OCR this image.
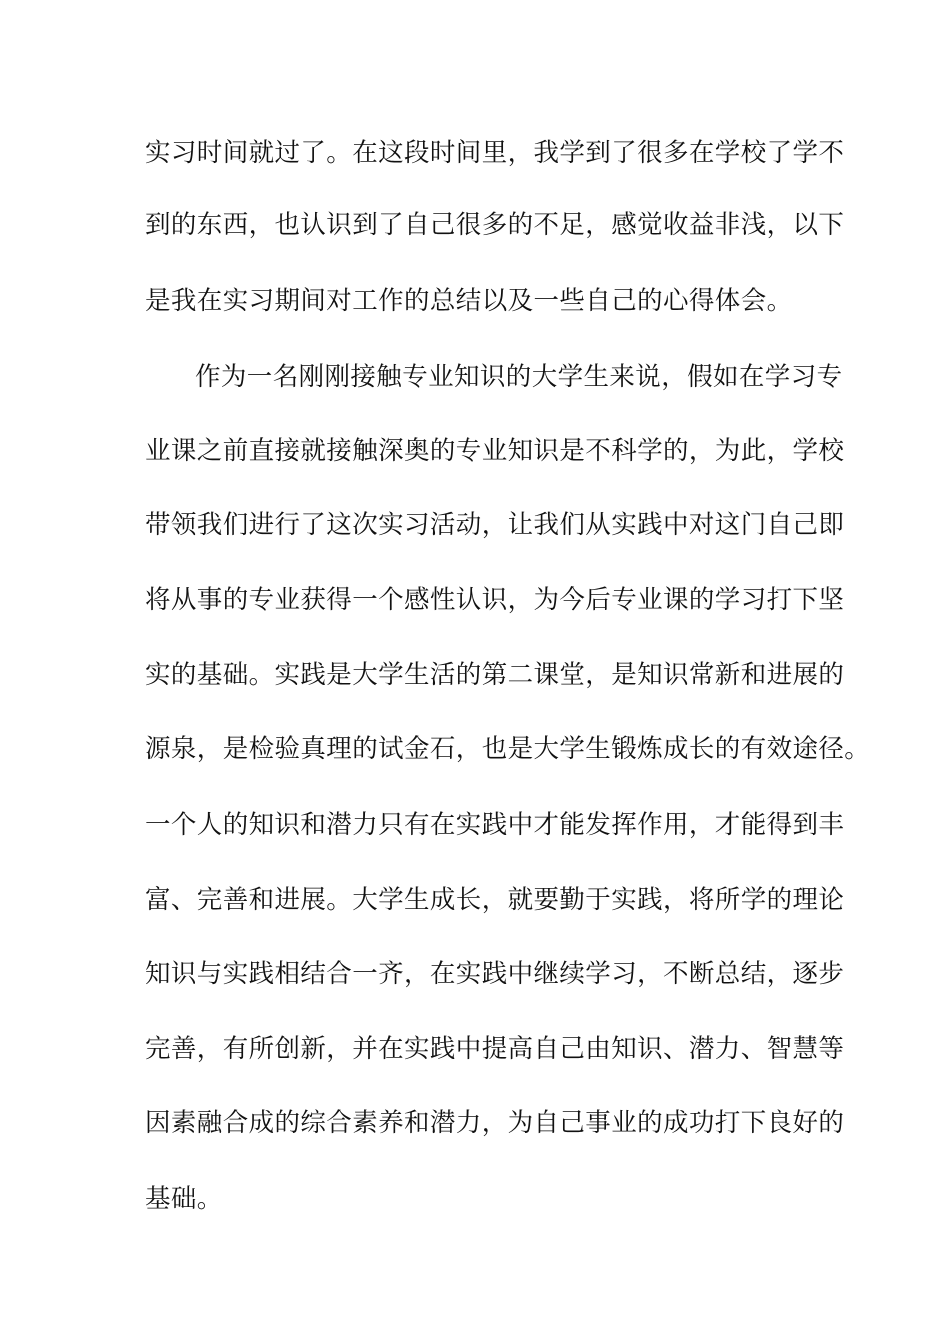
实习时间就过了。在这段时间里，我学到了很多在学校了学不
到的东西，也认识到了自己很多的不足，感觉收益非浅，以下
是我在实习期间对工作的总结以及一些自己的心得体会。
作为一名刚刚接触专业知识的大学生来说，假如在学习专
业课之前直接就接触深奥的专业知识是不科学的，为此，学校
带领我们进行了这次实习活动，让我们从实践中对这门自己即
将从事的专业获得一个感性认识，为今后专业课的学习打下坚
实的基础。实践是大学生活的第二课堂，是知识常新和进展的
源泉，是检验真理的试金石，也是大学生锻炼成长的有效途径。
一个人的知识和潜力只有在实践中才能发挥作用，才能得到丰
富、完善和进展。大学生成长，就要勤于实践，将所学的理论
知识与实践相结合一齐，在实践中继续学习，不断总结，逐步
完善，有所创新，并在实践中提高自己由知识、潜力、智慧等
因素融合成的综合素养和潜力，为自己事业的成功打下良好的
基础。
